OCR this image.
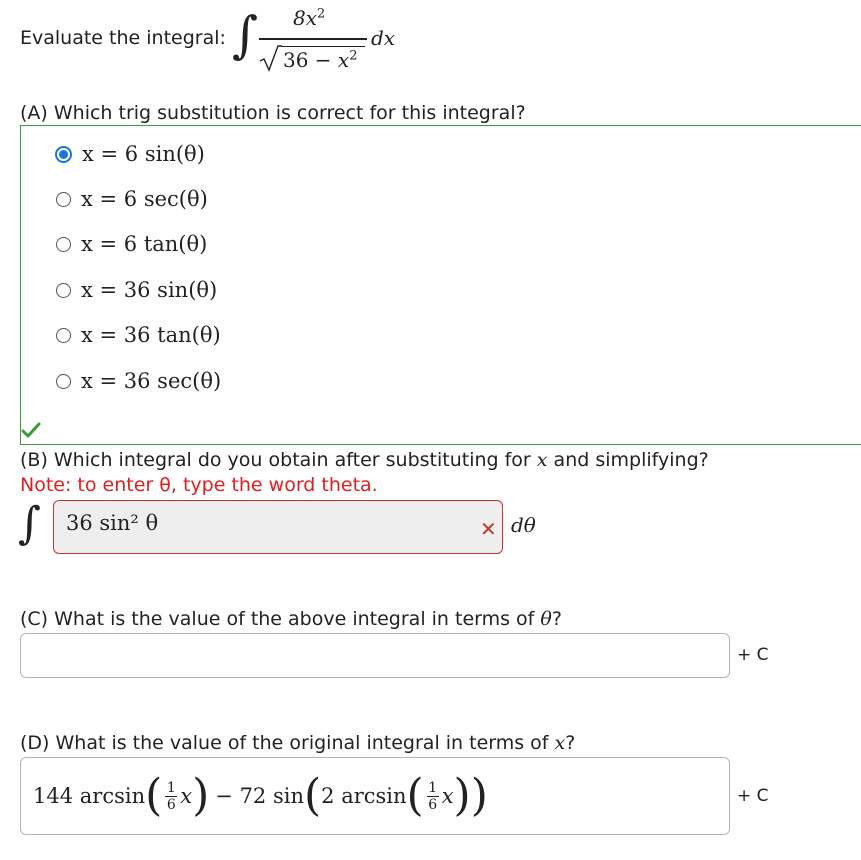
Evaluate the integral: ∫ $8x^2$
$36 - x^2$
dx
(A) Which trig substitution is correct for this integral?
x = 6 sin(θ)
x = 6 sec(θ)
x = 6 tan(θ)
x = 36 sin(θ)
x = 36 tan(θ)
x = 36 sec(θ)
(B) Which integral do you obtain after substituting for x and simplifying?
Note: to enter θ, type the word theta.
∫ 36 sin² θ	✕ dθ
(C) What is the value of the above integral in terms of θ?
+ C
(D) What is the value of the original integral in terms of x?
144 arcsin ( 1
6 x ) − 72 sin ( 2 arcsin ( 1
6 x ) )	+ C
